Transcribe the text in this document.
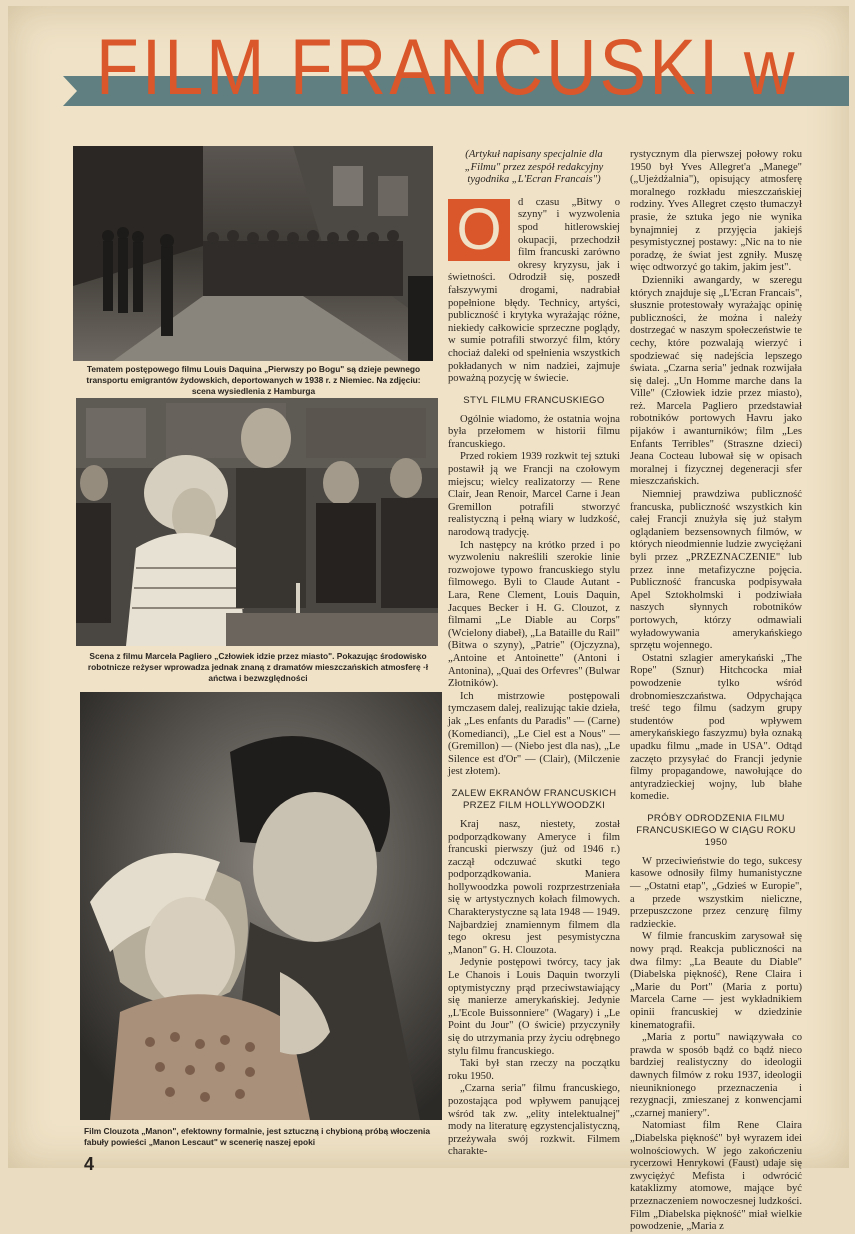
FILM FRANCUSKI w

Tematem postępowego filmu Louis Daquina „Pierwszy po Bogu" są dzieje pewnego transportu emigrantów żydowskich, deportowanych w 1938 r. z Niemiec. Na zdjęciu: scena wysiedlenia z Hamburga

Scena z filmu Marcela Pagliero „Człowiek idzie przez miasto". Pokazując środowisko robotnicze reżyser wprowadza jednak znaną z dramatów mieszczańskich atmosferę ·ł ańctwa i bezwzględności

Film Clouzota „Manon", efektowny formalnie, jest sztuczną i chybioną próbą włoczenia fabuły powieści „Manon Lescaut" w scenerię naszej epoki

(Artykuł napisany specjalnie dla „Filmu" przez zespół redakcyjny tygodnika „L'Ecran Francais")

O	d czasu „Bitwy o szyny" i wyzwolenia spod hitlerowskiej okupacji, przechodził film francuski zarówno okresy kryzysu, jak i świetności. Odrodził się, poszedł fałszywymi drogami, nadrabiał popełnione błędy. Technicy, artyści, publiczność i krytyka wyrażając różne, niekiedy całkowicie sprzeczne poglądy, w sumie potrafili stworzyć film, który chociaż daleki od spełnienia wszystkich pokładanych w nim nadziei, zajmuje poważną pozycję w świecie.

STYL FILMU FRANCUSKIEGO

Ogólnie wiadomo, że ostatnia wojna była przełomem w historii filmu francuskiego.

Przed rokiem 1939 rozkwit tej sztuki postawił ją we Francji na czołowym miejscu; wielcy realizatorzy — Rene Clair, Jean Renoir, Marcel Carne i Jean Gremillon potrafili stworzyć realistyczną i pełną wiary w ludzkość, narodową tradycję.

Ich następcy na krótko przed i po wyzwoleniu nakreślili szerokie linie rozwojowe typowo francuskiego stylu filmowego. Byli to Claude Autant - Lara, Rene Clement, Louis Daquin, Jacques Becker i H. G. Clouzot, z filmami „Le Diable au Corps" (Wcielony diabeł), „La Bataille du Rail" (Bitwa o szyny), „Patrie" (Ojczyzna), „Antoine et Antoinette" (Antoni i Antonina), „Quai des Orfevres" (Bulwar Złotników).

Ich mistrzowie postępowali tymczasem dalej, realizując takie dzieła, jak „Les enfants du Paradis" — (Carne) (Komedianci), „Le Ciel est a Nous" — (Gremillon) — (Niebo jest dla nas), „Le Silence est d'Or" — (Clair), (Milczenie jest złotem).

ZALEW EKRANÓW FRANCUSKICH PRZEZ FILM HOLLYWOODZKI

Kraj nasz, niestety, został podporządkowany Ameryce i film francuski pierwszy (już od 1946 r.) zaczął odczuwać skutki tego podporządkowania. Maniera hollywoodzka powoli rozprzestrzeniała się w artystycznych kołach filmowych. Charakterystyczne są lata 1948 — 1949. Najbardziej znamiennym filmem dla tego okresu jest pesymistyczna „Manon" G. H. Clouzota.

Jedynie postępowi twórcy, tacy jak Le Chanois i Louis Daquin tworzyli optymistyczny prąd przeciwstawiający się manierze amerykańskiej. Jedynie „L'Ecole Buissonniere" (Wagary) i „Le Point du Jour" (O świcie) przyczyniły się do utrzymania przy życiu odrębnego stylu filmu francuskiego.

Taki był stan rzeczy na początku roku 1950.

„Czarna seria" filmu francuskiego, pozostająca pod wpływem panującej wśród tak zw. „elity intelektualnej" mody na literaturę egzystencjalistyczną, przeżywała swój rozkwit. Filmem charakte-

rystycznym dla pierwszej połowy roku 1950 był Yves Allegret'a „Manege" („Ujeżdżalnia"), opisujący atmosferę moralnego rozkładu mieszczańskiej rodziny. Yves Allegret często tłumaczył prasie, że sztuka jego nie wynika bynajmniej z przyjęcia jakiejś pesymistycznej postawy: „Nic na to nie poradzę, że świat jest zgniły. Muszę więc odtworzyć go takim, jakim jest".

Dzienniki awangardy, w szeregu których znajduje się „L'Ecran Francais", słusznie protestowały wyrażając opinię publiczności, że można i należy dostrzegać w naszym społeczeństwie te cechy, które pozwalają wierzyć i spodziewać się nadejścia lepszego świata. „Czarna seria" jednak rozwijała się dalej. „Un Homme marche dans la Ville" (Człowiek idzie przez miasto), reż. Marcela Pagliero przedstawiał robotników portowych Havru jako pijaków i awanturników; film „Les Enfants Terribles" (Straszne dzieci) Jeana Cocteau lubował się w opisach moralnej i fizycznej degeneracji sfer mieszczańskich.

Niemniej prawdziwa publiczność francuska, publiczność wszystkich kin całej Francji znużyła się już stałym oglądaniem bezsensownych filmów, w których nieodmiennie ludzie zwyciężani byli przez „PRZEZNACZENIE" lub przez inne metafizyczne pojęcia. Publiczność francuska podpisywała Apel Sztokholmski i podziwiała naszych słynnych robotników portowych, którzy odmawiali wyładowywania amerykańskiego sprzętu wojennego.

Ostatni szlagier amerykański „The Rope" (Sznur) Hitchcocka miał powodzenie tylko wśród drobnomieszczaństwa. Odpychająca treść tego filmu (sadzym grupy studentów pod wpływem amerykańskiego faszyzmu) była oznaką upadku filmu „made in USA". Odtąd zaczęto przysyłać do Francji jedynie filmy propagandowe, nawołujące do antyradzieckiej wojny, lub błahe komedie.

PRÓBY ODRODZENIA FILMU FRANCUSKIEGO W CIĄGU ROKU 1950

W przeciwieństwie do tego, sukcesy kasowe odnosiły filmy humanistyczne — „Ostatni etap", „Gdzieś w Europie", a przede wszystkim nieliczne, przepuszczone przez cenzurę filmy radzieckie.

W filmie francuskim zarysował się nowy prąd. Reakcja publiczności na dwa filmy: „La Beaute du Diable" (Diabelska piękność), Rene Claira i „Marie du Port" (Maria z portu) Marcela Carne — jest wykładnikiem opinii francuskiej w dziedzinie kinematografii.

„Maria z portu" nawiązywała co prawda w sposób bądź co bądź nieco bardziej realistyczny do ideologii dawnych filmów z roku 1937, ideologii nieuniknionego przeznaczenia i rezygnacji, zmieszanej z konwencjami „czarnej maniery".

Natomiast film Rene Claira „Diabelska piękność" był wyrazem idei wolnościowych. W jego zakończeniu rycerzowi Henrykowi (Faust) udaje się zwyciężyć Mefista i odwrócić kataklizmy atomowe, mające być przeznaczeniem nowoczesnej ludzkości. Film „Diabelska piękność" miał wielkie powodzenie, „Maria z

4
